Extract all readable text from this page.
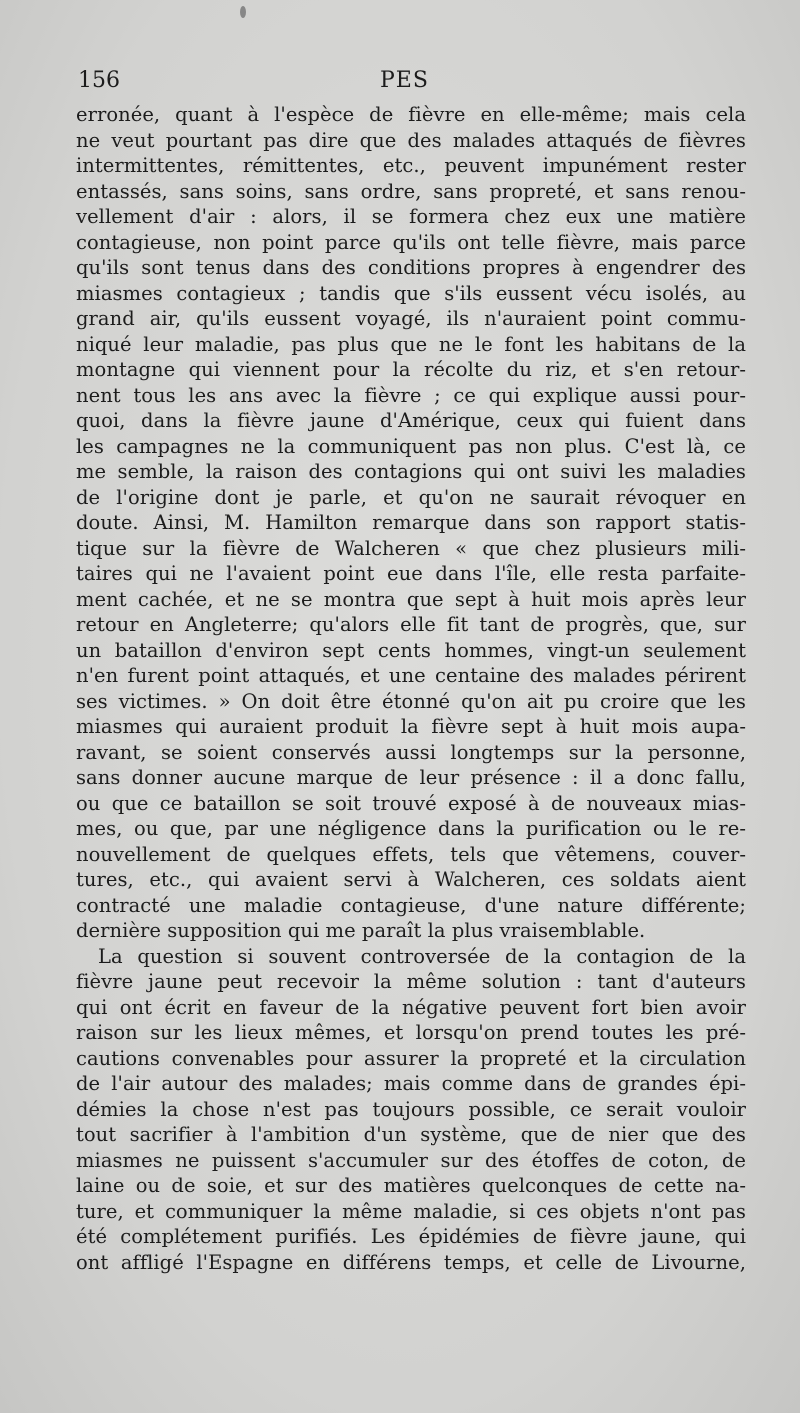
156	PES
erronée, quant à l'espèce de fièvre en elle-même; mais cela
ne veut pourtant pas dire que des malades attaqués de fièvres
intermittentes, rémittentes, etc., peuvent impunément rester
entassés, sans soins, sans ordre, sans propreté, et sans renou-
vellement d'air : alors, il se formera chez eux une matière
contagieuse, non point parce qu'ils ont telle fièvre, mais parce
qu'ils sont tenus dans des conditions propres à engendrer des
miasmes contagieux ; tandis que s'ils eussent vécu isolés, au
grand air, qu'ils eussent voyagé, ils n'auraient point commu-
niqué leur maladie, pas plus que ne le font les habitans de la
montagne qui viennent pour la récolte du riz, et s'en retour-
nent tous les ans avec la fièvre ; ce qui explique aussi pour-
quoi, dans la fièvre jaune d'Amérique, ceux qui fuient dans
les campagnes ne la communiquent pas non plus. C'est là, ce
me semble, la raison des contagions qui ont suivi les maladies
de l'origine dont je parle, et qu'on ne saurait révoquer en
doute. Ainsi, M. Hamilton remarque dans son rapport statis-
tique sur la fièvre de Walcheren « que chez plusieurs mili-
taires qui ne l'avaient point eue dans l'île, elle resta parfaite-
ment cachée, et ne se montra que sept à huit mois après leur
retour en Angleterre; qu'alors elle fit tant de progrès, que, sur
un bataillon d'environ sept cents hommes, vingt-un seulement
n'en furent point attaqués, et une centaine des malades périrent
ses victimes. » On doit être étonné qu'on ait pu croire que les
miasmes qui auraient produit la fièvre sept à huit mois aupa-
ravant, se soient conservés aussi longtemps sur la personne,
sans donner aucune marque de leur présence : il a donc fallu,
ou que ce bataillon se soit trouvé exposé à de nouveaux mias-
mes, ou que, par une négligence dans la purification ou le re-
nouvellement de quelques effets, tels que vêtemens, couver-
tures, etc., qui avaient servi à Walcheren, ces soldats aient
contracté une maladie contagieuse, d'une nature différente;
dernière supposition qui me paraît la plus vraisemblable.
La question si souvent controversée de la contagion de la
fièvre jaune peut recevoir la même solution : tant d'auteurs
qui ont écrit en faveur de la négative peuvent fort bien avoir
raison sur les lieux mêmes, et lorsqu'on prend toutes les pré-
cautions convenables pour assurer la propreté et la circulation
de l'air autour des malades; mais comme dans de grandes épi-
démies la chose n'est pas toujours possible, ce serait vouloir
tout sacrifier à l'ambition d'un système, que de nier que des
miasmes ne puissent s'accumuler sur des étoffes de coton, de
laine ou de soie, et sur des matières quelconques de cette na-
ture, et communiquer la même maladie, si ces objets n'ont pas
été complétement purifiés. Les épidémies de fièvre jaune, qui
ont affligé l'Espagne en différens temps, et celle de Livourne,
